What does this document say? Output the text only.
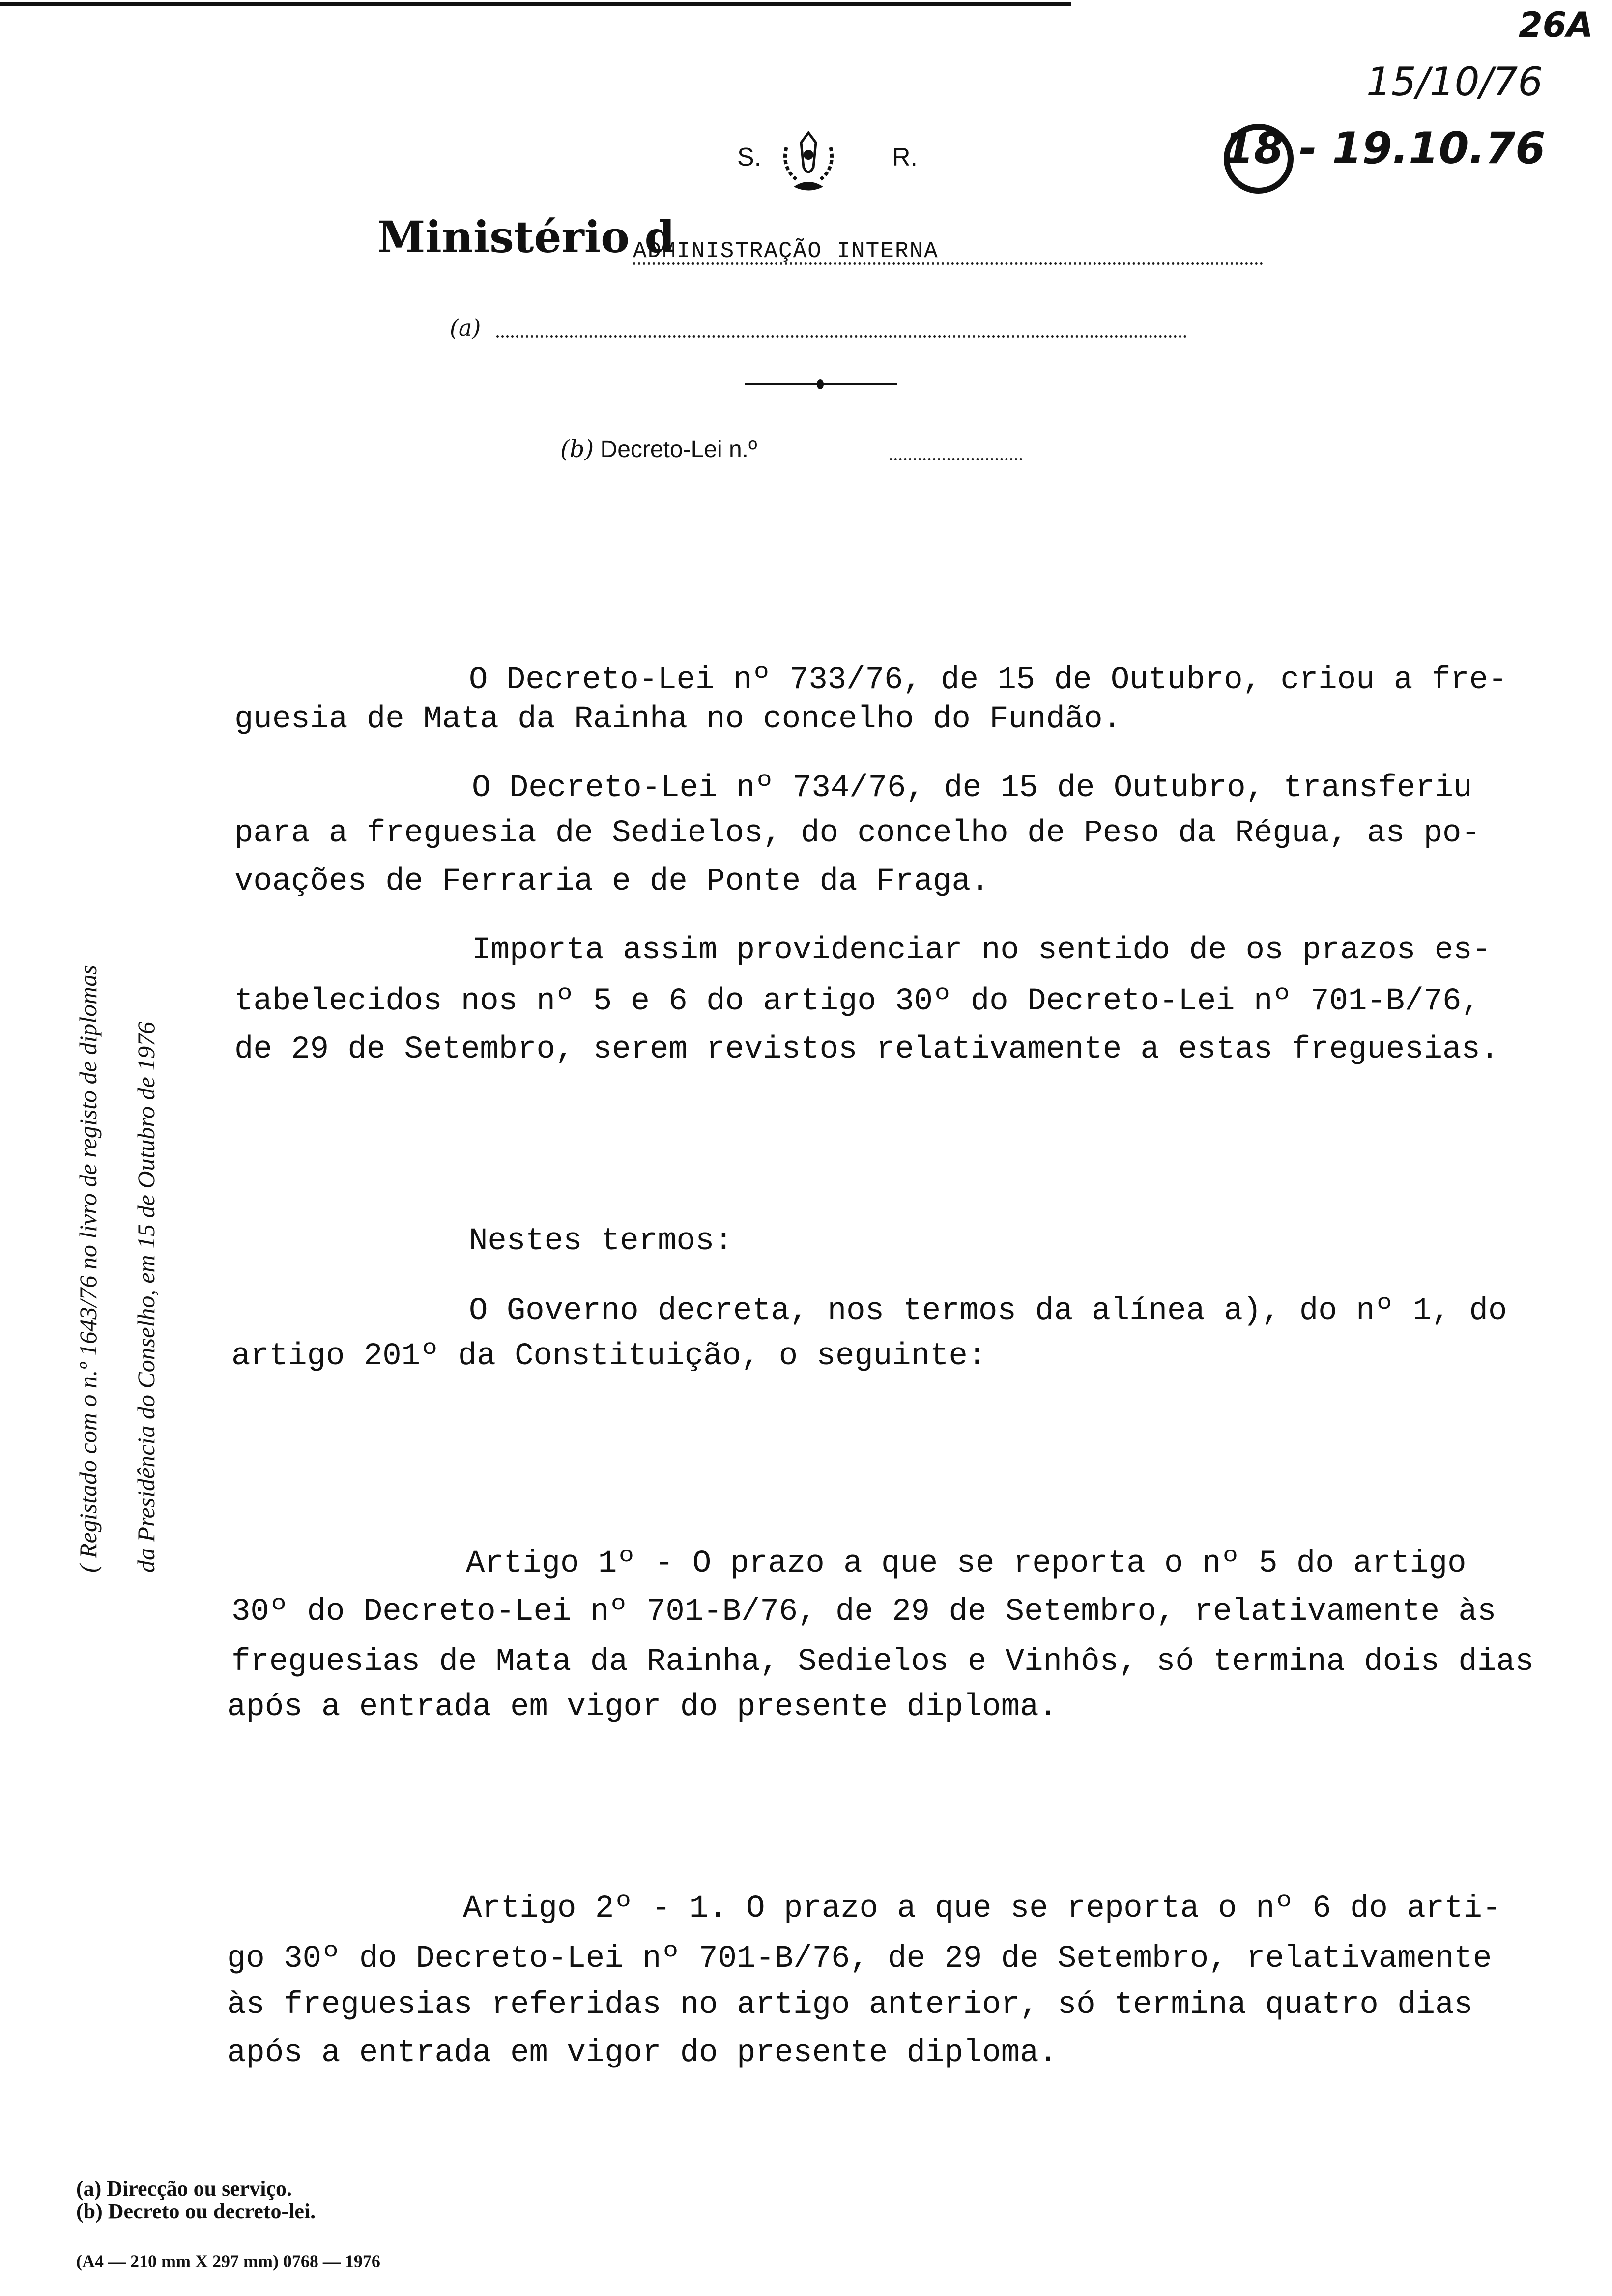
26A
15/10/76
18 - 19.10.76
S.	R.
Ministério d
ADMINISTRAÇÃO INTERNA
(a)
(b) Decreto-Lei n.º
( Registado com o n.º 1643/76 no livro de registo de diplomas da Presidência do Conselho, em 15 de Outubro de 1976
O Decreto-Lei nº 733/76, de 15 de Outubro, criou a fre-
guesia de Mata da Rainha no concelho do Fundão.
O Decreto-Lei nº 734/76, de 15 de Outubro, transferiu
para a freguesia de Sedielos, do concelho de Peso da Régua, as po-
voações de Ferraria e de Ponte da Fraga.
Importa assim providenciar no sentido de os prazos es-
tabelecidos nos nº 5 e 6 do artigo 30º do Decreto-Lei nº 701-B/76,
de 29 de Setembro, serem revistos relativamente a estas freguesias.
Nestes termos:
O Governo decreta, nos termos da alínea a), do nº 1, do
artigo 201º da Constituição, o seguinte:
Artigo 1º - O prazo a que se reporta o nº 5 do artigo
30º do Decreto-Lei nº 701-B/76, de 29 de Setembro, relativamente às
freguesias de Mata da Rainha, Sedielos e Vinhôs, só termina dois dias
após a entrada em vigor do presente diploma.
Artigo 2º - 1. O prazo a que se reporta o nº 6 do arti-
go 30º do Decreto-Lei nº 701-B/76, de 29 de Setembro, relativamente
às freguesias referidas no artigo anterior, só termina quatro dias
após a entrada em vigor do presente diploma.
(a) Direcção ou serviço.
(b) Decreto ou decreto-lei.
(A4 — 210 mm X 297 mm) 0768 — 1976
